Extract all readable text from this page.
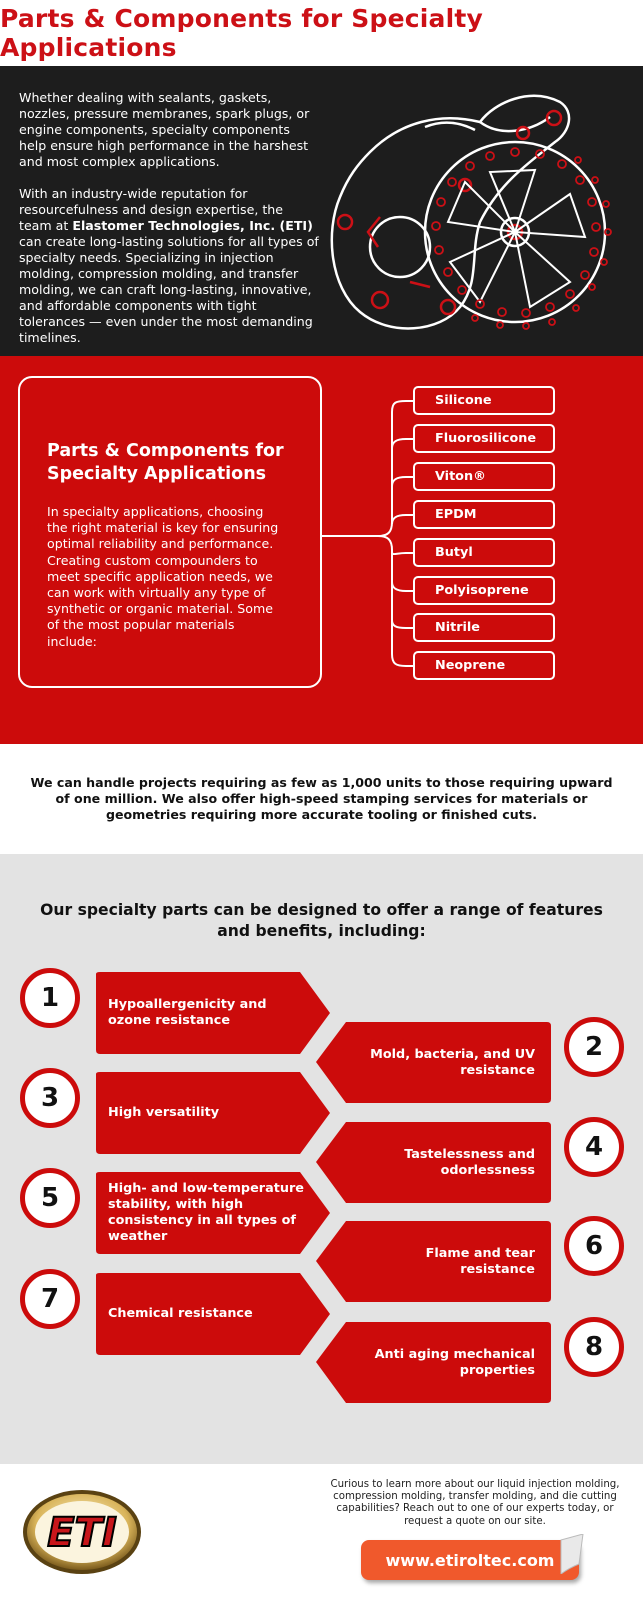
Parts & Components for Specialty Applications

Whether dealing with sealants, gaskets, nozzles, pressure membranes, spark plugs, or engine components, specialty components help ensure high performance in the harshest and most complex applications.

With an industry-wide reputation for resourcefulness and design expertise, the team at Elastomer Technologies, Inc. (ETI) can create long-lasting solutions for all types of specialty needs. Specializing in injection molding, compression molding, and transfer molding, we can craft long-lasting, innovative, and affordable components with tight tolerances — even under the most demanding timelines.

Parts & Components for Specialty Applications

In specialty applications, choosing the right material is key for ensuring optimal reliability and performance. Creating custom compounders to meet specific application needs, we can work with virtually any type of synthetic or organic material. Some of the most popular materials include:

Silicone
Fluorosilicone
Viton®
EPDM
Butyl
Polyisoprene
Nitrile
Neoprene

We can handle projects requiring as few as 1,000 units to those requiring upward of one million. We also offer high-speed stamping services for materials or geometries requiring more accurate tooling or finished cuts.

Our specialty parts can be designed to offer a range of features and benefits, including:
1	Hypoallergenicity and ozone resistance
2
Mold, bacteria, and UV resistance
3	High versatility
4
Tastelessness and odorlessness
5	High- and low-temperature stability, with high consistency in all types of weather	6
Flame and tear resistance
7	Chemical resistance
8
Anti aging mechanical properties
ETI

Curious to learn more about our liquid injection molding, compression molding, transfer molding, and die cutting capabilities? Reach out to one of our experts today, or request a quote on our site.

www.etiroltec.com
